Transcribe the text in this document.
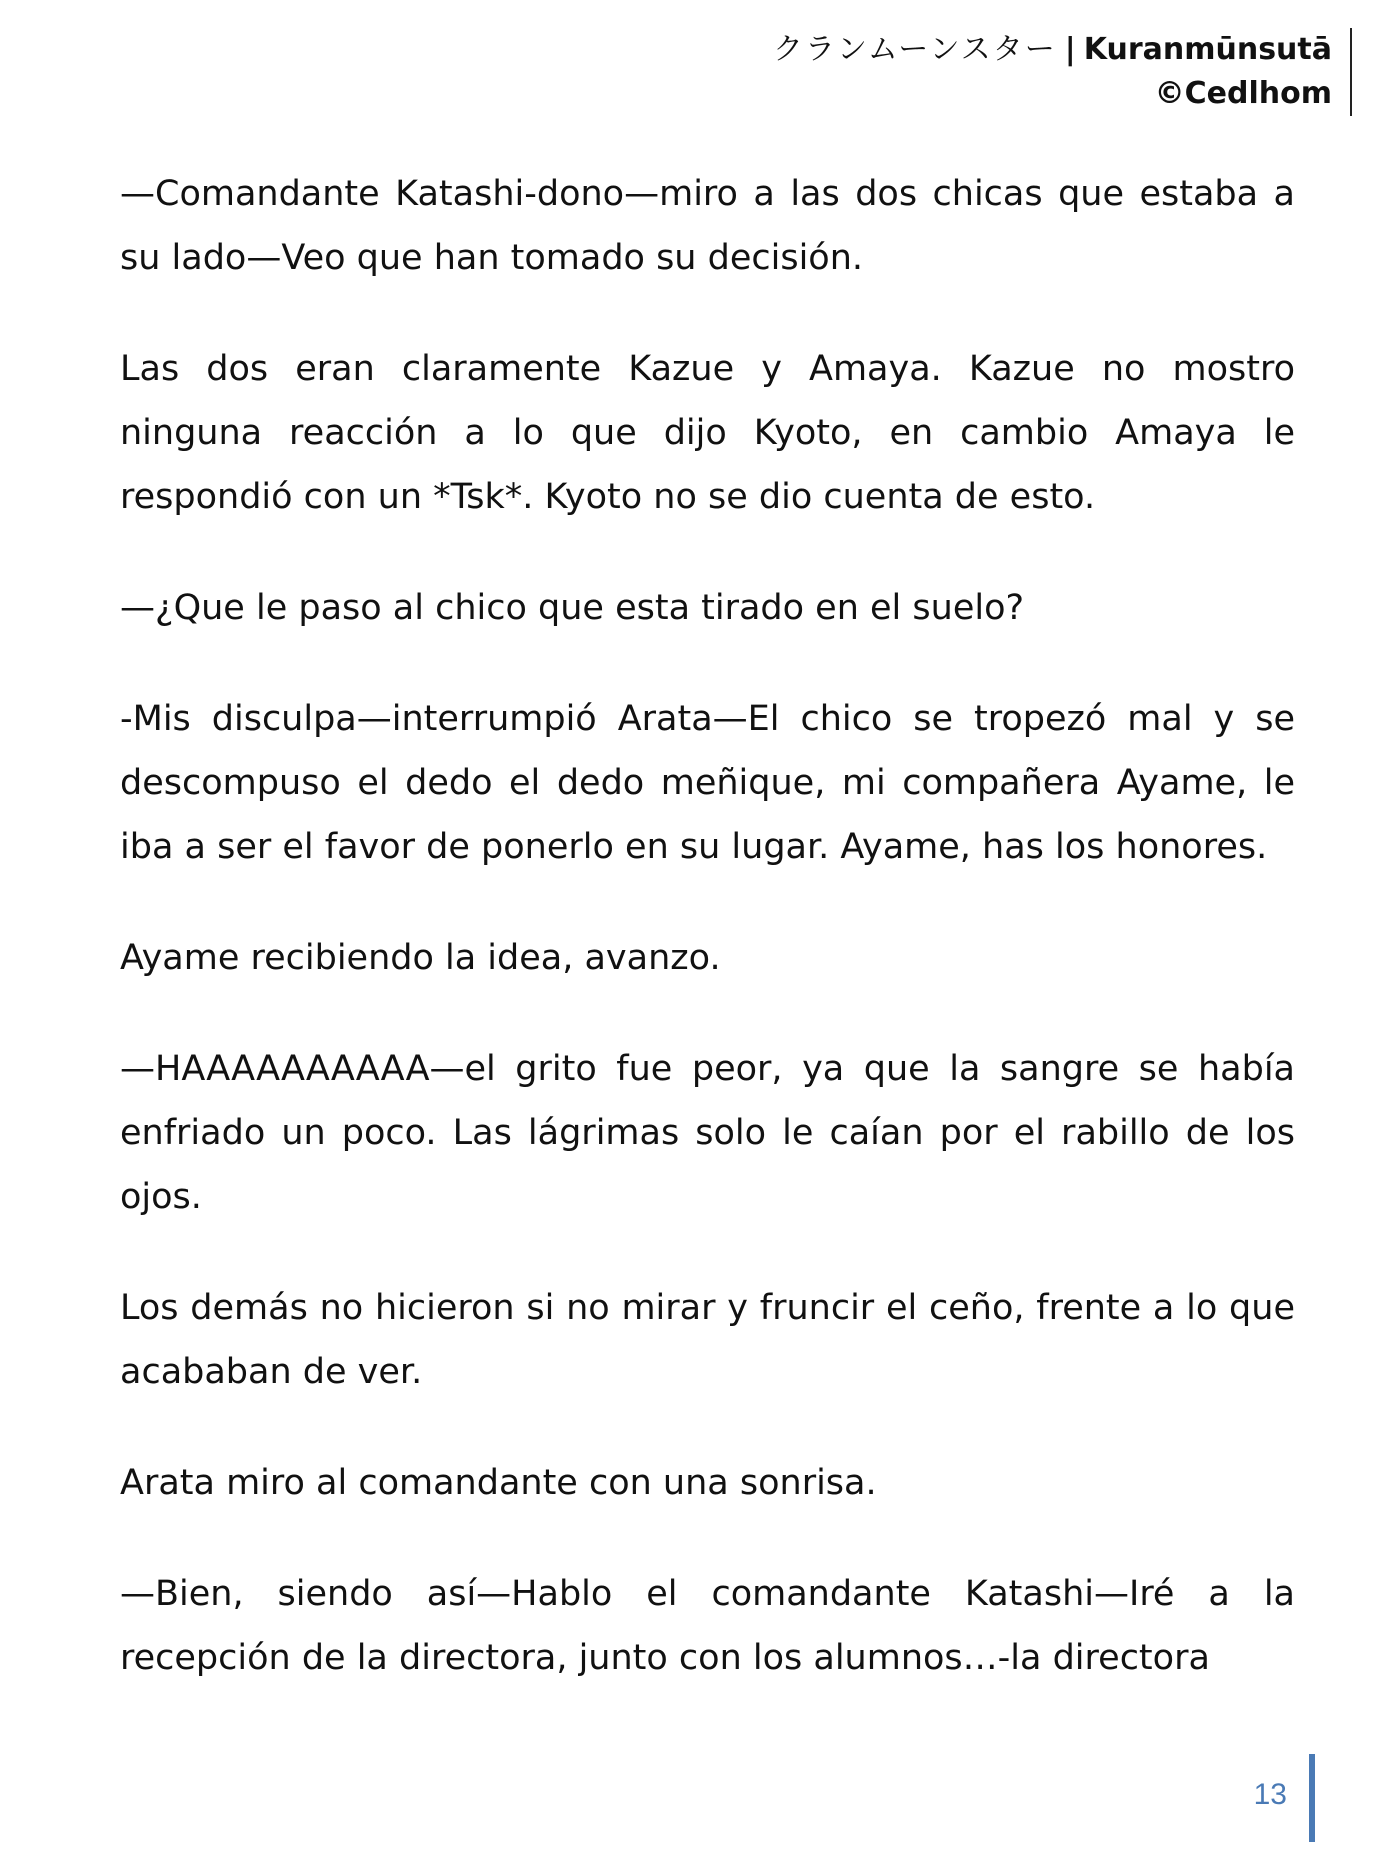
クランムーンスター | Kuranmūnsutā
©Cedlhom

—Comandante Katashi-dono—miro a las dos chicas que estaba a su lado—Veo que han tomado su decisión.

Las dos eran claramente Kazue y Amaya. Kazue no mostro ninguna reacción a lo que dijo Kyoto, en cambio Amaya le respondió con un *Tsk*. Kyoto no se dio cuenta de esto.

—¿Que le paso al chico que esta tirado en el suelo?

-Mis disculpa—interrumpió Arata—El chico se tropezó mal y se descompuso el dedo el dedo meñique, mi compañera Ayame, le iba a ser el favor de ponerlo en su lugar. Ayame, has los honores.

Ayame recibiendo la idea, avanzo.

—HAAAAAAAAAA—el grito fue peor, ya que la sangre se había enfriado un poco. Las lágrimas solo le caían por el rabillo de los ojos.

Los demás no hicieron si no mirar y fruncir el ceño, frente a lo que acababan de ver.

Arata miro al comandante con una sonrisa.

—Bien, siendo así—Hablo el comandante Katashi—Iré a la recepción de la directora, junto con los alumnos…-la directora

13
